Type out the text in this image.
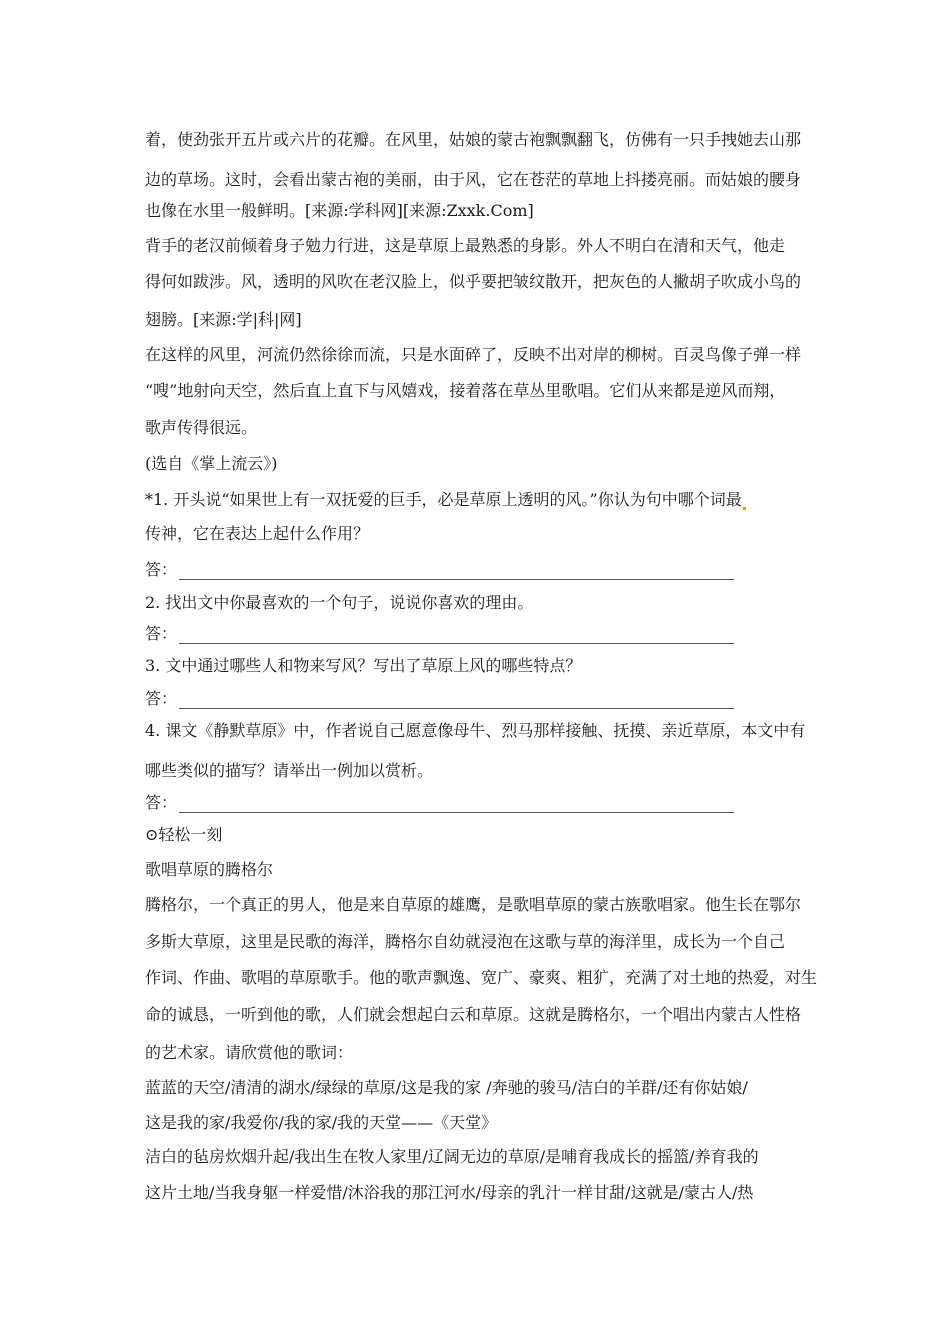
着，使劲张开五片或六片的花瓣。在风里，姑娘的蒙古袍飘飘翻飞，仿佛有一只手拽她去山那
边的草场。这时，会看出蒙古袍的美丽，由于风，它在苍茫的草地上抖搂亮丽。而姑娘的腰身
也像在水里一般鲜明。[来源:学科网][来源:Zxxk.Com]
背手的老汉前倾着身子勉力行进，这是草原上最熟悉的身影。外人不明白在清和天气，他走
得何如跋涉。风，透明的风吹在老汉脸上，似乎要把皱纹散开，把灰色的人撇胡子吹成小鸟的
翅膀。[来源:学|科|网]
在这样的风里，河流仍然徐徐而流，只是水面碎了，反映不出对岸的柳树。百灵鸟像子弹一样
“嗖”地射向天空，然后直上直下与风嬉戏，接着落在草丛里歌唱。它们从来都是逆风而翔，
歌声传得很远。
(选自《掌上流云》)
*1. 开头说“如果世上有一双抚爱的巨手，必是草原上透明的风。”你认为句中哪个词最
传神，它在表达上起什么作用？
答：
2. 找出文中你最喜欢的一个句子，说说你喜欢的理由。
答：
3. 文中通过哪些人和物来写风？写出了草原上风的哪些特点？
答：
4. 课文《静默草原》中，作者说自己愿意像母牛、烈马那样接触、抚摸、亲近草原，本文中有
哪些类似的描写？请举出一例加以赏析。
答：
⊙轻松一刻
歌唱草原的腾格尔
腾格尔，一个真正的男人，他是来自草原的雄鹰，是歌唱草原的蒙古族歌唱家。他生长在鄂尔
多斯大草原，这里是民歌的海洋，腾格尔自幼就浸泡在这歌与草的海洋里，成长为一个自己
作词、作曲、歌唱的草原歌手。他的歌声飘逸、宽广、豪爽、粗犷，充满了对土地的热爱，对生
命的诚恳，一听到他的歌，人们就会想起白云和草原。这就是腾格尔，一个唱出内蒙古人性格
的艺术家。请欣赏他的歌词：
蓝蓝的天空/清清的湖水/绿绿的草原/这是我的家 /奔驰的骏马/洁白的羊群/还有你姑娘/
这是我的家/我爱你/我的家/我的天堂——《天堂》
洁白的毡房炊烟升起/我出生在牧人家里/辽阔无边的草原/是哺育我成长的摇篮/养育我的
这片土地/当我身躯一样爱惜/沐浴我的那江河水/母亲的乳汁一样甘甜/这就是/蒙古人/热
